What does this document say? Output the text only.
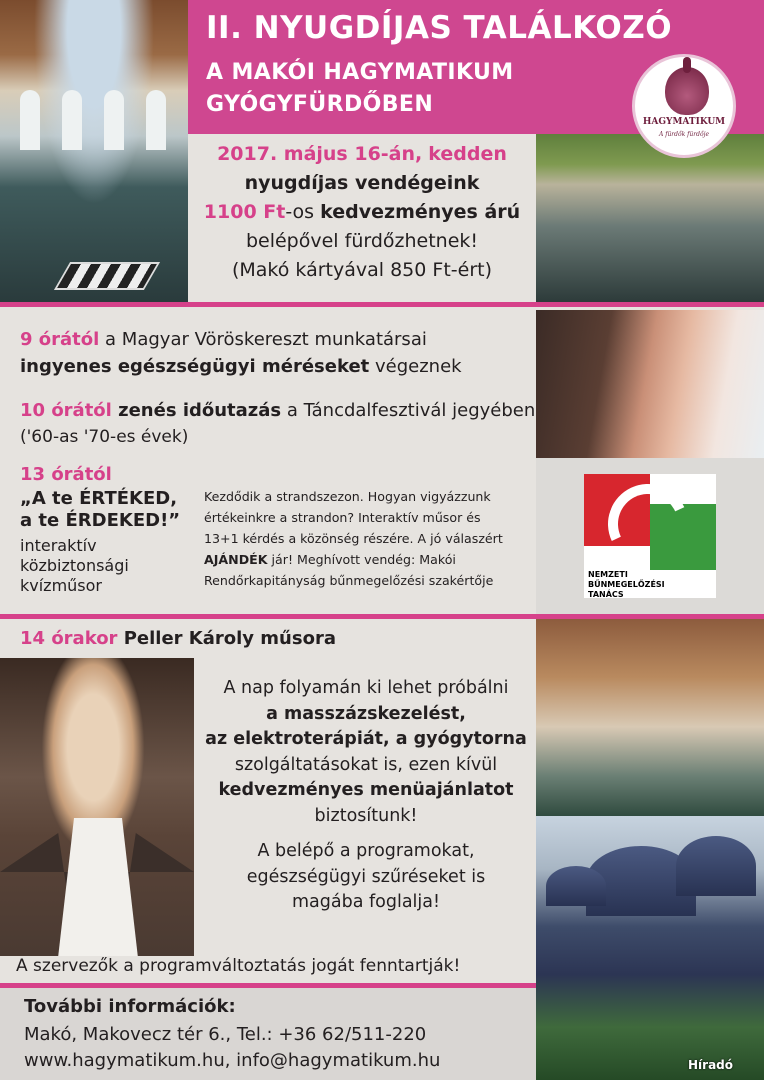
II. NYUGDÍJAS TALÁLKOZÓ
A MAKÓI HAGYMATIKUM
GYÓGYFÜRDŐBEN
HAGYMATIKUM
A fürdők fürdője
2017. május 16-án, kedden
nyugdíjas vendégeink
1100 Ft-os kedvezményes árú
belépővel fürdőzhetnek!
(Makó kártyával 850 Ft-ért)
9 órától a Magyar Vöröskereszt munkatársai
ingyenes egészségügyi méréseket végeznek
10 órától zenés időutazás a Táncdalfesztivál jegyében
('60-as '70-es évek)
13 órától
„A te ÉRTÉKED,
a te ÉRDEKED!”
interaktív
közbiztonsági
kvízműsor
Kezdődik a strandszezon. Hogyan vigyázzunk
értékeinkre a strandon? Interaktív műsor és
13+1 kérdés a közönség részére. A jó válaszért
AJÁNDÉK jár! Meghívott vendég: Makói
Rendőrkapitányság bűnmegelőzési szakértője	NEMZETI
BŰNMEGELŐZÉSI
TANÁCS
14 órakor Peller Károly műsora
A nap folyamán ki lehet próbálni
a masszázskezelést,
az elektroterápiát, a gyógytorna
szolgáltatásokat is, ezen kívül
kedvezményes menüajánlatot
biztosítunk!
A belépő a programokat,
egészségügyi szűréseket is
magába foglalja!
A szervezők a programváltoztatás jogát fenntartják!
További információk:
Makó, Makovecz tér 6., Tel.: +36 62/511-220
www.hagymatikum.hu, info@hagymatikum.hu	Híradó
